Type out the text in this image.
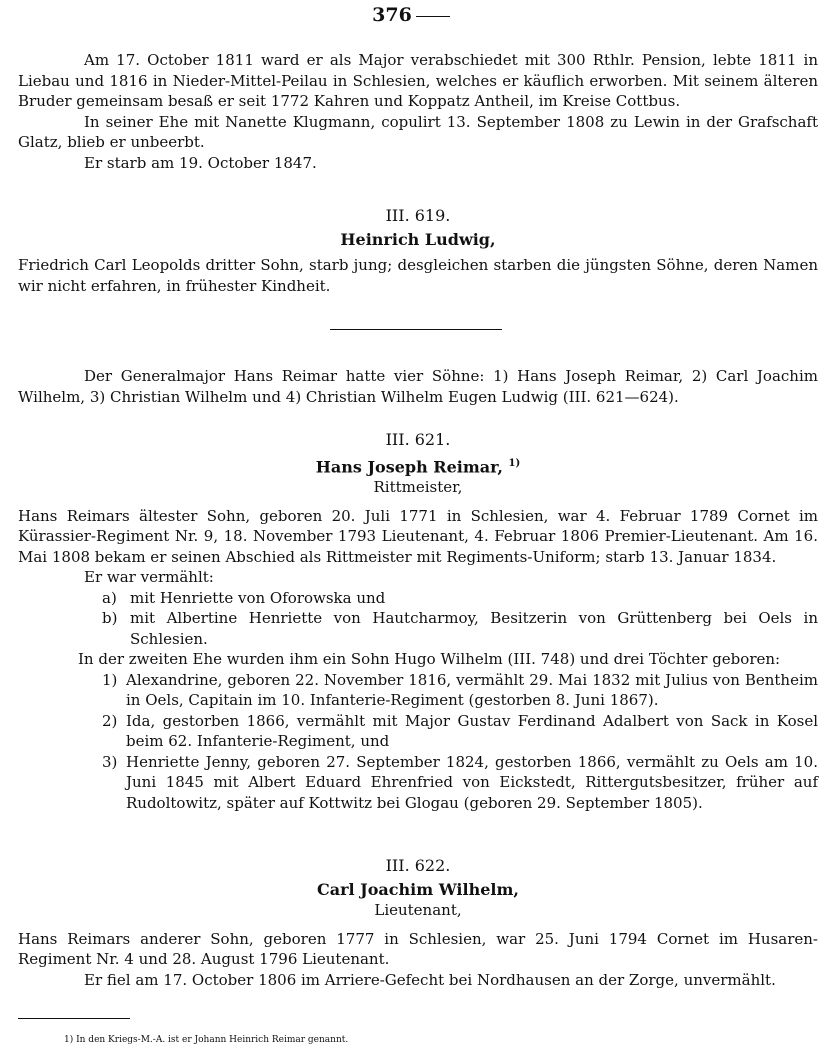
376

Am 17. October 1811 ward er als Major verabschiedet mit 300 Rthlr. Pension, lebte 1811 in Liebau und 1816 in Nieder-Mittel-Peilau in Schlesien, welches er käuflich erworben. Mit seinem älteren Bruder gemeinsam besaß er seit 1772 Kahren und Koppatz Antheil, im Kreise Cottbus.

In seiner Ehe mit Nanette Klugmann, copulirt 13. September 1808 zu Lewin in der Grafschaft Glatz, blieb er unbeerbt.

Er starb am 19. October 1847.

III. 619.

Heinrich Ludwig,

Friedrich Carl Leopolds dritter Sohn, starb jung; desgleichen starben die jüngsten Söhne, deren Namen wir nicht erfahren, in frühester Kindheit.

Der Generalmajor Hans Reimar hatte vier Söhne: 1) Hans Joseph Reimar, 2) Carl Joachim Wilhelm, 3) Christian Wilhelm und 4) Christian Wilhelm Eugen Ludwig (III. 621—624).

III. 621.

Hans Joseph Reimar, $^{1)}$

Rittmeister,

Hans Reimars ältester Sohn, geboren 20. Juli 1771 in Schlesien, war 4. Februar 1789 Cornet im Kürassier-Regiment Nr. 9, 18. November 1793 Lieutenant, 4. Februar 1806 Premier-Lieutenant. Am 16. Mai 1808 bekam er seinen Abschied als Rittmeister mit Regiments-Uniform; starb 13. Januar 1834.

Er war vermählt:

a) mit Henriette von Oforowska und
b) mit Albertine Henriette von Hautcharmoy, Besitzerin von Grüttenberg bei Oels in Schlesien.

In der zweiten Ehe wurden ihm ein Sohn Hugo Wilhelm (III. 748) und drei Töchter geboren:

1) Alexandrine, geboren 22. November 1816, vermählt 29. Mai 1832 mit Julius von Bentheim in Oels, Capitain im 10. Infanterie-Regiment (gestorben 8. Juni 1867).
2) Ida, gestorben 1866, vermählt mit Major Gustav Ferdinand Adalbert von Sack in Kosel beim 62. Infanterie-Regiment, und
3) Henriette Jenny, geboren 27. September 1824, gestorben 1866, vermählt zu Oels am 10. Juni 1845 mit Albert Eduard Ehrenfried von Eickstedt, Rittergutsbesitzer, früher auf Rudoltowitz, später auf Kottwitz bei Glogau (geboren 29. September 1805).

III. 622.

Carl Joachim Wilhelm,

Lieutenant,

Hans Reimars anderer Sohn, geboren 1777 in Schlesien, war 25. Juni 1794 Cornet im Husaren-Regiment Nr. 4 und 28. August 1796 Lieutenant.

Er fiel am 17. October 1806 im Arriere-Gefecht bei Nordhausen an der Zorge, unvermählt.

1) In den Kriegs-M.-A. ist er Johann Heinrich Reimar genannt.
